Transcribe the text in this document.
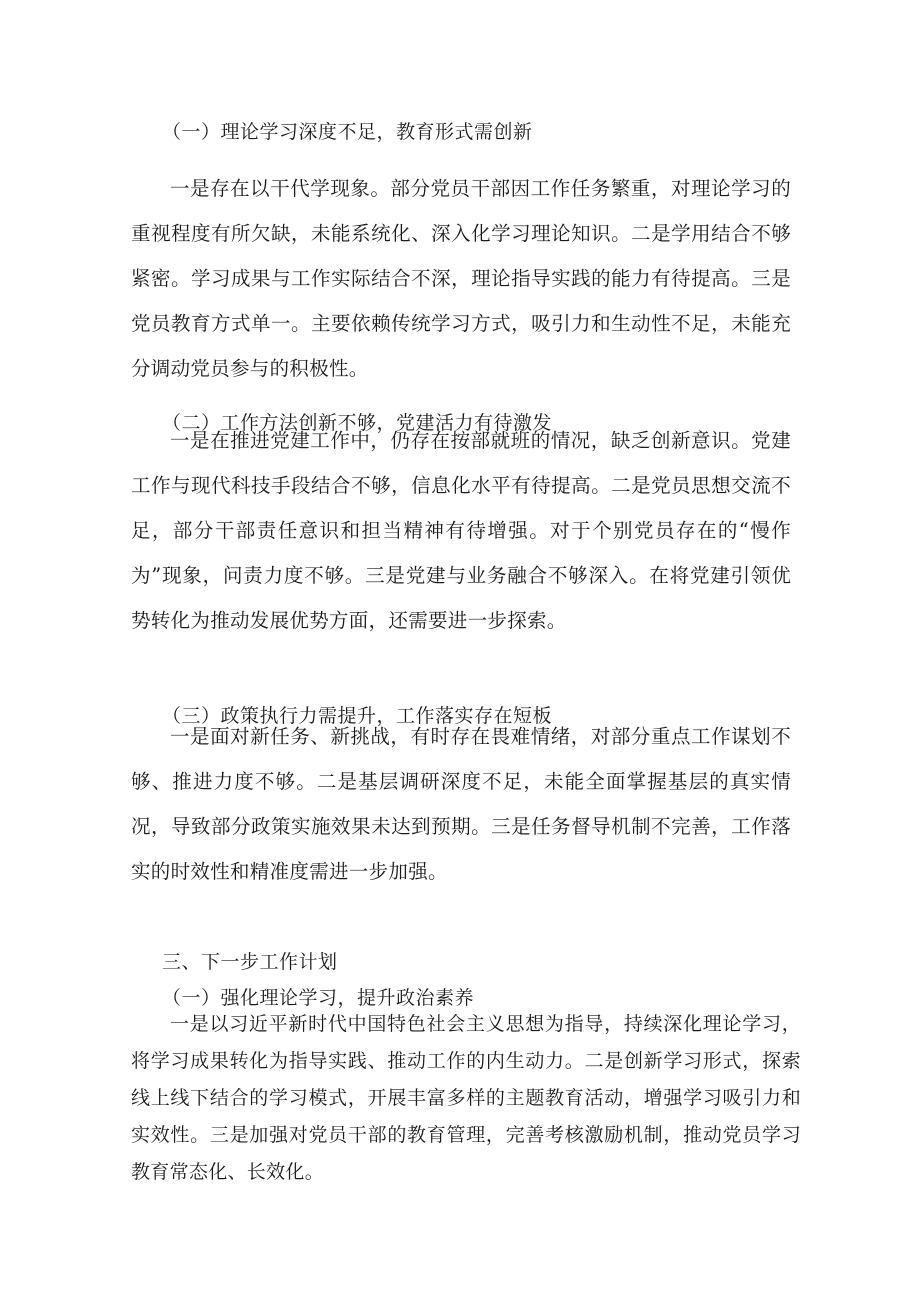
（一）理论学习深度不足，教育形式需创新
一是存在以干代学现象。部分党员干部因工作任务繁重，对理论学习的重视程度有所欠缺，未能系统化、深入化学习理论知识。二是学用结合不够紧密。学习成果与工作实际结合不深，理论指导实践的能力有待提高。三是党员教育方式单一。主要依赖传统学习方式，吸引力和生动性不足，未能充分调动党员参与的积极性。
（二）工作方法创新不够，党建活力有待激发
一是在推进党建工作中，仍存在按部就班的情况，缺乏创新意识。党建工作与现代科技手段结合不够，信息化水平有待提高。二是党员思想交流不足，部分干部责任意识和担当精神有待增强。对于个别党员存在的“慢作为”现象，问责力度不够。三是党建与业务融合不够深入。在将党建引领优势转化为推动发展优势方面，还需要进一步探索。
（三）政策执行力需提升，工作落实存在短板
一是面对新任务、新挑战，有时存在畏难情绪，对部分重点工作谋划不够、推进力度不够。二是基层调研深度不足，未能全面掌握基层的真实情况，导致部分政策实施效果未达到预期。三是任务督导机制不完善，工作落实的时效性和精准度需进一步加强。
三、下一步工作计划
（一）强化理论学习，提升政治素养
一是以习近平新时代中国特色社会主义思想为指导，持续深化理论学习，将学习成果转化为指导实践、推动工作的内生动力。二是创新学习形式，探索线上线下结合的学习模式，开展丰富多样的主题教育活动，增强学习吸引力和实效性。三是加强对党员干部的教育管理，完善考核激励机制，推动党员学习教育常态化、长效化。
